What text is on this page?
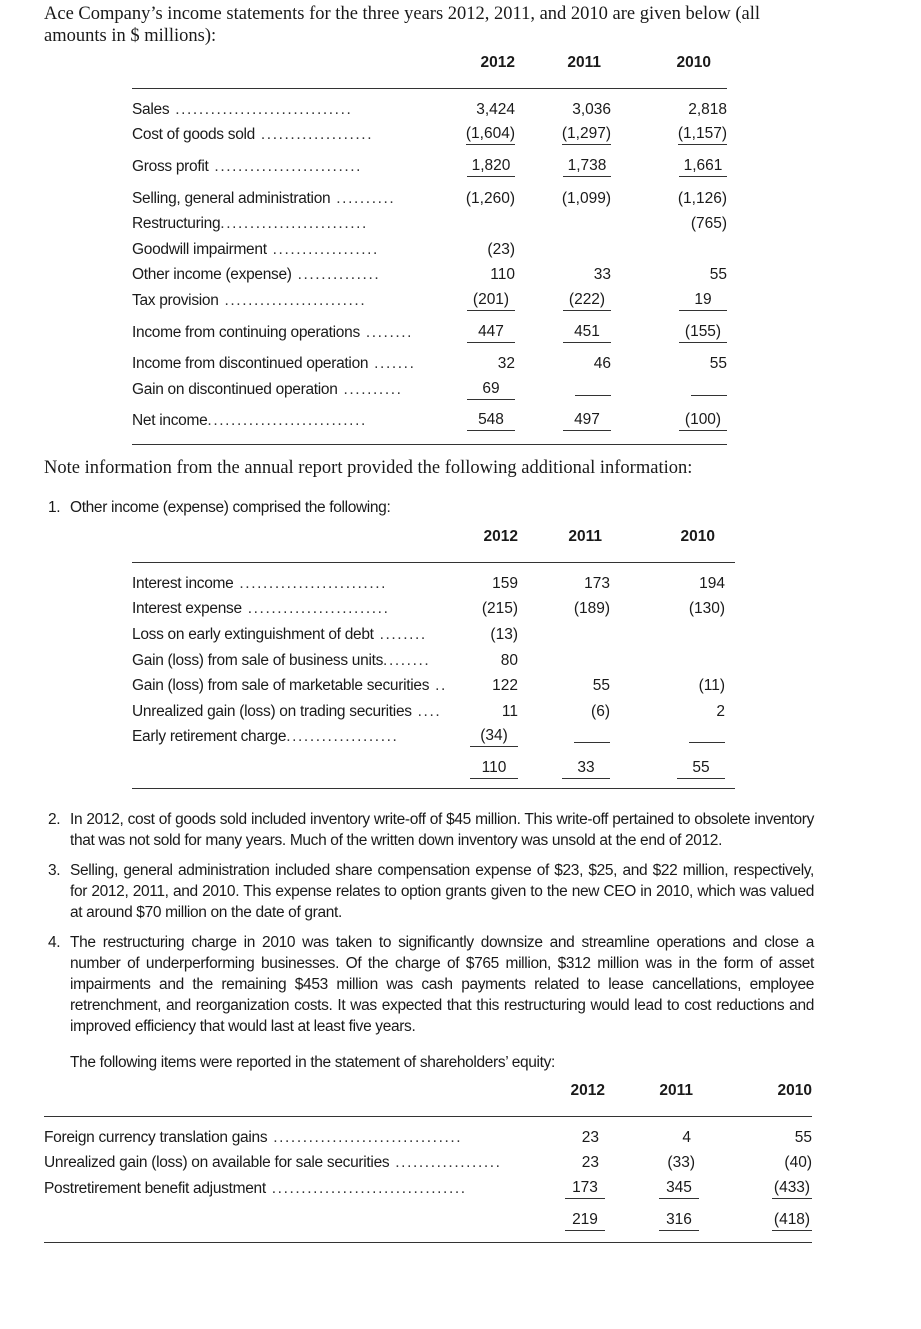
Ace Company’s income statements for the three years 2012, 2011, and 2010 are given below (all amounts in $ millions):
	2012	2011	2010

Sales ..............................	3,424	3,036	2,818
Cost of goods sold ...................	(1,604)	(1,297)	(1,157)
Gross profit .........................	1,820	1,738	1,661
Selling, general administration ..........	(1,260)	(1,099)	(1,126)
Restructuring.........................			(765)
Goodwill impairment ..................	(23)		
Other income (expense) ..............	110	33	55
Tax provision ........................	(201)	(222)	19
Income from continuing operations ........	447	451	(155)
Income from discontinued operation .......	32	46	55
Gain on discontinued operation ..........	69		
Net income...........................	548	497	(100)
Note information from the annual report provided the following additional information:
1. Other income (expense) comprised the following:
	2012	2011	2010

Interest income .........................	159	173	194
Interest expense ........................	(215)	(189)	(130)
Loss on early extinguishment of debt ........	(13)		
Gain (loss) from sale of business units........	80		
Gain (loss) from sale of marketable securities ..	122	55	(11)
Unrealized gain (loss) on trading securities ....	11	(6)	2
Early retirement charge...................	(34)		
	110	33	55
2. In 2012, cost of goods sold included inventory write-off of $45 million. This write-off pertained to obsolete inventory that was not sold for many years. Much of the written down inventory was unsold at the end of 2012.
3. Selling, general administration included share compensation expense of $23, $25, and $22 million, respectively, for 2012, 2011, and 2010. This expense relates to option grants given to the new CEO in 2010, which was valued at around $70 million on the date of grant.
4. The restructuring charge in 2010 was taken to significantly downsize and streamline operations and close a number of underperforming businesses. Of the charge of $765 million, $312 million was in the form of asset impairments and the remaining $453 million was cash payments related to lease cancellations, employee retrenchment, and reorganization costs. It was expected that this restructuring would lead to cost reductions and improved efficiency that would last at least five years.
The following items were reported in the statement of shareholders’ equity:
	2012	2011	2010

Foreign currency translation gains ................................	23	4	55
Unrealized gain (loss) on available for sale securities ..................	23	(33)	(40)
Postretirement benefit adjustment .................................	173	345	(433)
	219	316	(418)
